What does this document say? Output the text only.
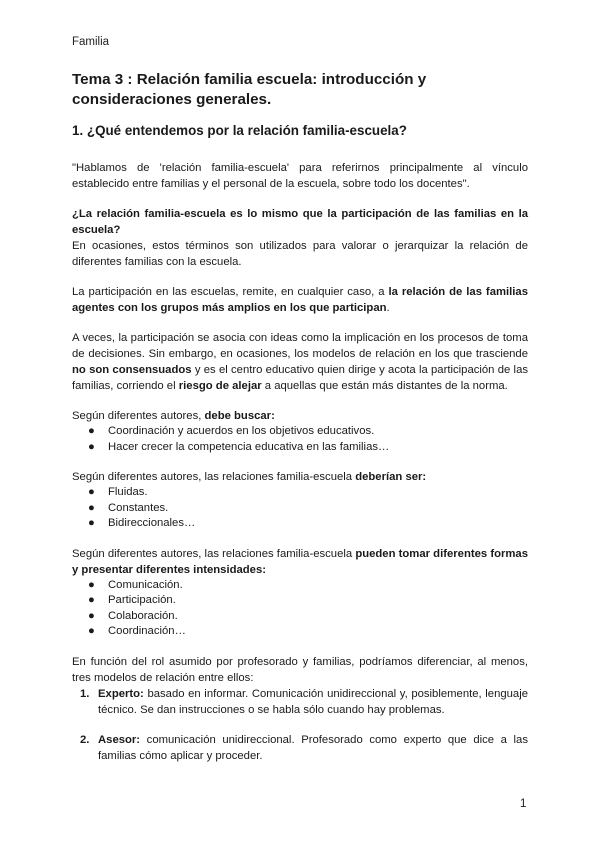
Familia
Tema 3 : Relación familia escuela: introducción y consideraciones generales.
1. ¿Qué entendemos por la relación familia-escuela?

"Hablamos de 'relación familia-escuela' para referirnos principalmente al vínculo establecido entre familias y el personal de la escuela, sobre todo los docentes".

¿La relación familia-escuela es lo mismo que la participación de las familias en la escuela?

En ocasiones, estos términos son utilizados para valorar o jerarquizar la relación de diferentes familias con la escuela.

La participación en las escuelas, remite, en cualquier caso, a la relación de las familias agentes con los grupos más amplios en los que participan.

A veces, la participación se asocia con ideas como la implicación en los procesos de toma de decisiones. Sin embargo, en ocasiones, los modelos de relación en los que trasciende no son consensuados y es el centro educativo quien dirige y acota la participación de las familias, corriendo el riesgo de alejar a aquellas que están más distantes de la norma.

Según diferentes autores, debe buscar:

● Coordinación y acuerdos en los objetivos educativos.
● Hacer crecer la competencia educativa en las familias…

Según diferentes autores, las relaciones familia-escuela deberían ser:

● Fluidas.
● Constantes.
● Bidireccionales…

Según diferentes autores, las relaciones familia-escuela pueden tomar diferentes formas y presentar diferentes intensidades:

● Comunicación.
● Participación.
● Colaboración.
● Coordinación…

En función del rol asumido por profesorado y familias, podríamos diferenciar, al menos, tres modelos de relación entre ellos:

1. Experto: basado en informar. Comunicación unidireccional y, posiblemente, lenguaje técnico. Se dan instrucciones o se habla sólo cuando hay problemas.
2. Asesor: comunicación unidireccional. Profesorado como experto que dice a las familias cómo aplicar y proceder.
1
